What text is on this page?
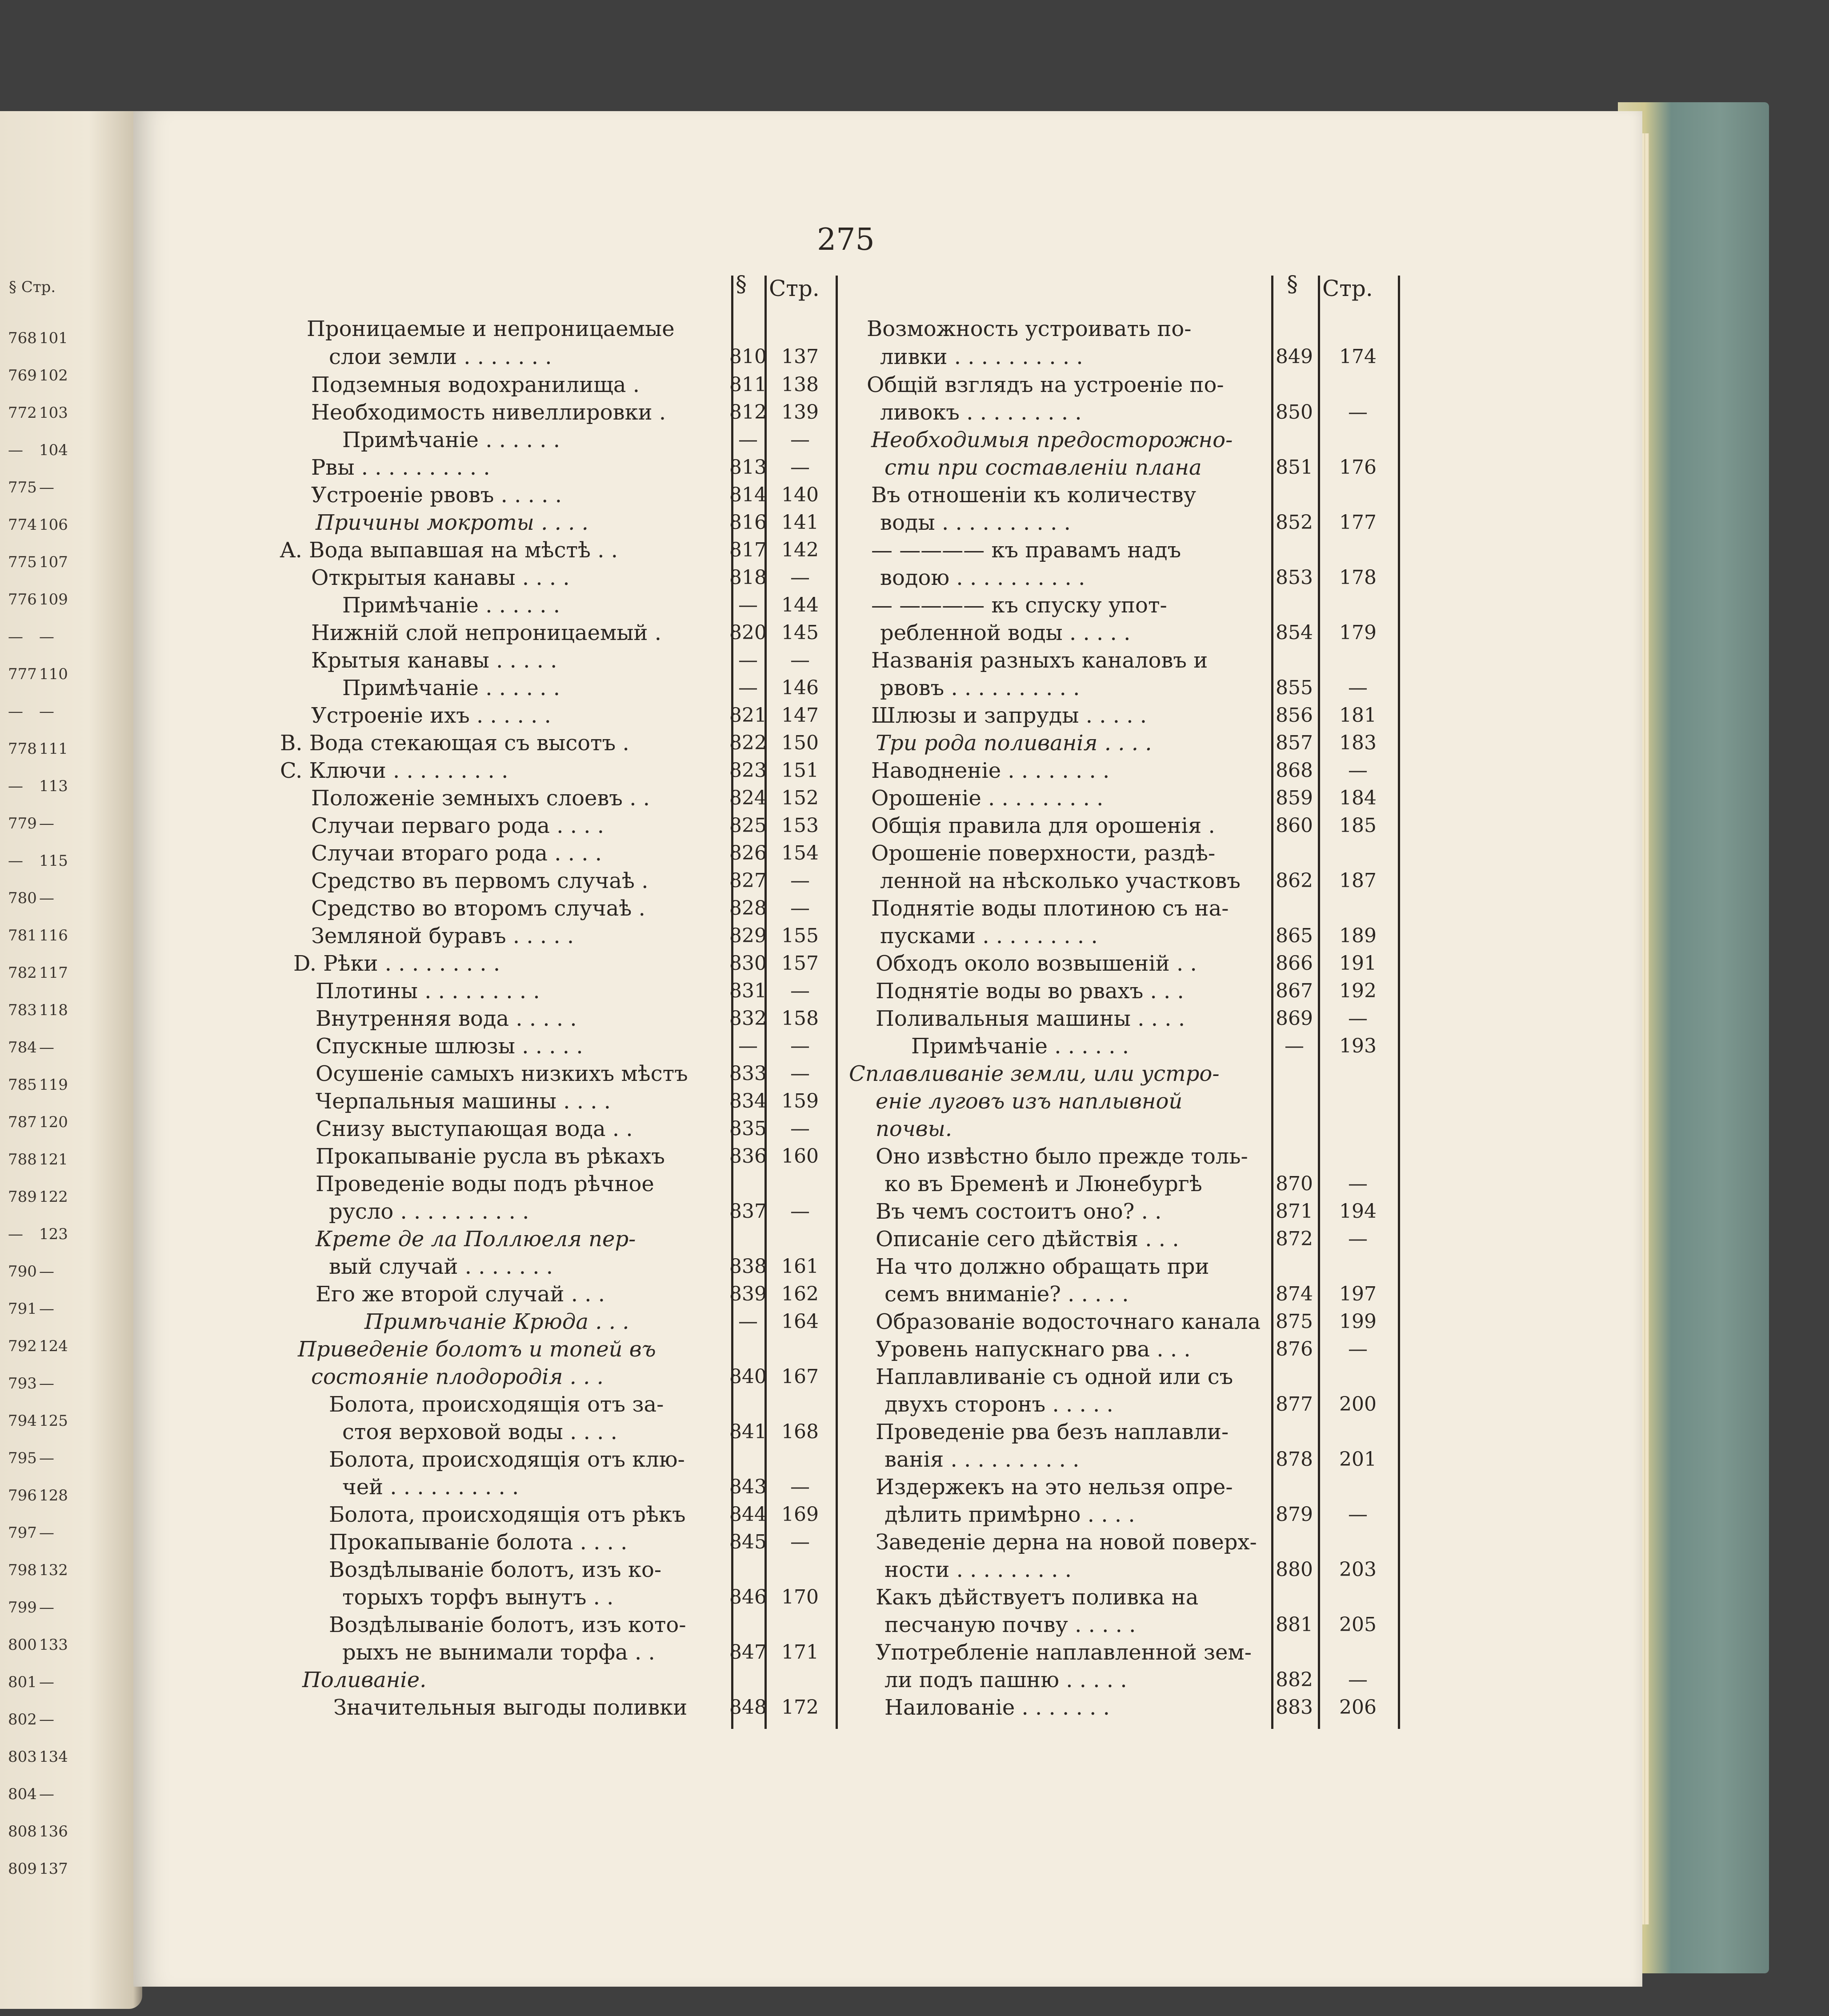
§ Стр.
768 101
769 102
772 103
— 104
775 —
774 106
775 107
776 109
— —
777 110
— —
778 111
— 113
779 —
— 115
780 —
781 116
782 117
783 118
784 —
785 119
787 120
788 121
789 122
— 123
790 —
791 —
792 124
793 —
794 125
795 —
796 128
797 —
798 132
799 —
800 133
801 —
802 —
803 134
804 —
808 136
809 137
275
§ Стр.	§ Стр.
Проницаемые и непроницаемые
слои земли . . . . . . .	810 137
Подземныя водохранилища .	811 138
Необходимость нивеллировки .	812 139
Примѣчаніе . . . . . .	—	—
Рвы . . . . . . . . . .	813	—
Устроеніе рвовъ . . . . .	814 140
Причины мокроты . . . .	816 141
A. Вода выпавшая на мѣстѣ . .	817 142
Открытыя канавы . . . .	818	—
Примѣчаніе . . . . . .	—	144
Нижній слой непроницаемый .	820 145
Крытыя канавы . . . . .	—	—
Примѣчаніе . . . . . .	—	146
Устроеніе ихъ . . . . . .	821 147
B. Вода стекающая съ высотъ .	822 150
C. Ключи . . . . . . . . .	823 151
Положеніе земныхъ слоевъ . .	824 152
Случаи перваго рода . . . .	825 153
Случаи втораго рода . . . .	826 154
Средство въ первомъ случаѣ .	827	—
Средство во второмъ случаѣ .	828	—
Земляной буравъ . . . . .	829 155
D. Рѣки . . . . . . . . .	830 157
Плотины . . . . . . . . .	831	—
Внутренняя вода . . . . .	832 158
Спускные шлюзы . . . . .	—	—
Осушеніе самыхъ низкихъ мѣстъ	833	—
Черпальныя машины . . . .	834 159
Снизу выступающая вода . .	835	—
Прокапываніе русла въ рѣкахъ	836 160
Проведеніе воды подъ рѣчное
русло . . . . . . . . . .	837	—
Крете де ла Поллюеля пер-
вый случай . . . . . . .	838 161
Его же второй случай . . .	839 162
Примѣчаніе Крюда . . .	—	164
Приведеніе болотъ и топей въ
состояніе плодородія . . .	840 167
Болота, происходящія отъ за-
стоя верховой воды . . . .	841 168
Болота, происходящія отъ клю-
чей . . . . . . . . . .	843	—
Болота, происходящія отъ рѣкъ	844 169
Прокапываніе болота . . . .	845	—
Воздѣлываніе болотъ, изъ ко-
торыхъ торфъ вынутъ . .	846 170
Воздѣлываніе болотъ, изъ кото-
рыхъ не вынимали торфа . .	847 171
Поливаніе.
Значительныя выгоды поливки	848 172
Возможность устроивать по-
ливки . . . . . . . . . .	849	174
Общій взглядъ на устроеніе по-
ливокъ . . . . . . . . .	850	—
Необходимыя предосторожно-
сти при составленіи плана	851	176
Въ отношеніи къ количеству
воды . . . . . . . . . .	852	177
— ———— къ правамъ надъ
водою . . . . . . . . . .	853	178
— ———— къ спуску упот-
ребленной воды . . . . .	854	179
Названія разныхъ каналовъ и
рвовъ . . . . . . . . . .	855	—
Шлюзы и запруды . . . . .	856	181
Три рода поливанія . . . .	857	183
Наводненіе . . . . . . . .	868	—
Орошеніе . . . . . . . . .	859	184
Общія правила для орошенія .	860	185
Орошеніе поверхности, раздѣ-
ленной на нѣсколько участковъ	862	187
Поднятіе воды плотиною съ на-
пусками . . . . . . . . .	865	189
Обходъ около возвышеній . .	866	191
Поднятіе воды во рвахъ . . .	867	192
Поливальныя машины . . . .	869	—
Примѣчаніе . . . . . .	—	193
Сплавливаніе земли, или устро-
еніе луговъ изъ наплывной
почвы.
Оно извѣстно было прежде толь-
ко въ Бременѣ и Люнебургѣ	870	—
Въ чемъ состоитъ оно? . .	871	194
Описаніе сего дѣйствія . . .	872	—
На что должно обращать при
семъ вниманіе? . . . . .	874	197
Образованіе водосточнаго канала 875	199
Уровень напускнаго рва . . .	876	—
Наплавливаніе съ одной или съ
двухъ сторонъ . . . . .	877	200
Проведеніе рва безъ наплавли-
ванія . . . . . . . . . .	878	201
Издержекъ на это нельзя опре-
дѣлить примѣрно . . . .	879	—
Заведеніе дерна на новой поверх-
ности . . . . . . . . .	880	203
Какъ дѣйствуетъ поливка на
песчаную почву . . . . .	881	205
Употребленіе наплавленной зем-
ли подъ пашню . . . . .	882	—
Наилованіе . . . . . . .	883	206
